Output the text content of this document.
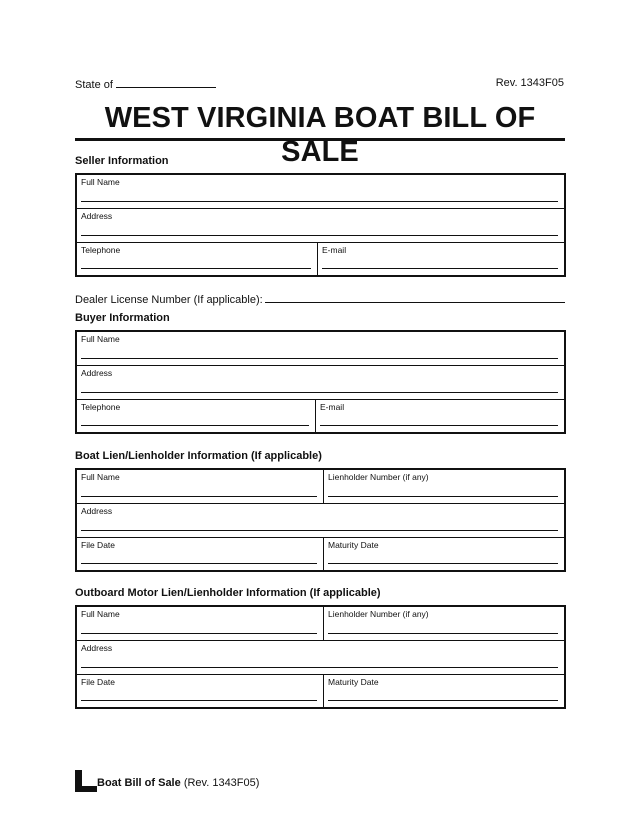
State of	Rev. 1343F05
WEST VIRGINIA BOAT BILL OF SALE
Seller Information
Full Name
Address
Telephone	E-mail
Dealer License Number (If applicable):
Buyer Information
Full Name
Address
Telephone	E-mail
Boat Lien/Lienholder Information (If applicable)
Full Name	Lienholder Number (if any)
Address
File Date	Maturity Date
Outboard Motor Lien/Lienholder Information (If applicable)
Full Name	Lienholder Number (if any)
Address
File Date	Maturity Date
Boat Bill of Sale (Rev. 1343F05)
